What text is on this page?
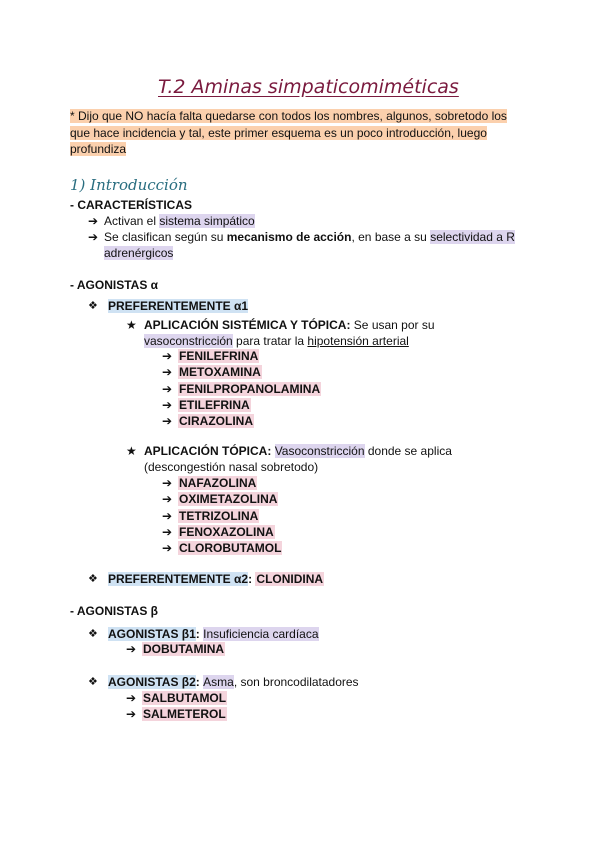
T.2 Aminas simpaticomiméticas
* Dijo que NO hacía falta quedarse con todos los nombres, algunos, sobretodo los que hace incidencia y tal, este primer esquema es un poco introducción, luego profundiza
1) Introducción
- CARACTERÍSTICAS
➔ Activan el sistema simpático
➔ Se clasifican según su mecanismo de acción, en base a su selectividad a R
adrenérgicos
- AGONISTAS α
❖ PREFERENTEMENTE α1
★ APLICACIÓN SISTÉMICA Y TÓPICA: Se usan por su
vasoconstricción para tratar la hipotensión arterial
➔ FENILEFRINA
➔ METOXAMINA
➔ FENILPROPANOLAMINA
➔ ETILEFRINA
➔ CIRAZOLINA
★ APLICACIÓN TÓPICA: Vasoconstricción donde se aplica
(descongestión nasal sobretodo)
➔ NAFAZOLINA
➔ OXIMETAZOLINA
➔ TETRIZOLINA
➔ FENOXAZOLINA
➔ CLOROBUTAMOL
❖ PREFERENTEMENTE α2: CLONIDINA
- AGONISTAS β
❖ AGONISTAS β1: Insuficiencia cardíaca
➔ DOBUTAMINA
❖ AGONISTAS β2: Asma, son broncodilatadores
➔ SALBUTAMOL
➔ SALMETEROL
